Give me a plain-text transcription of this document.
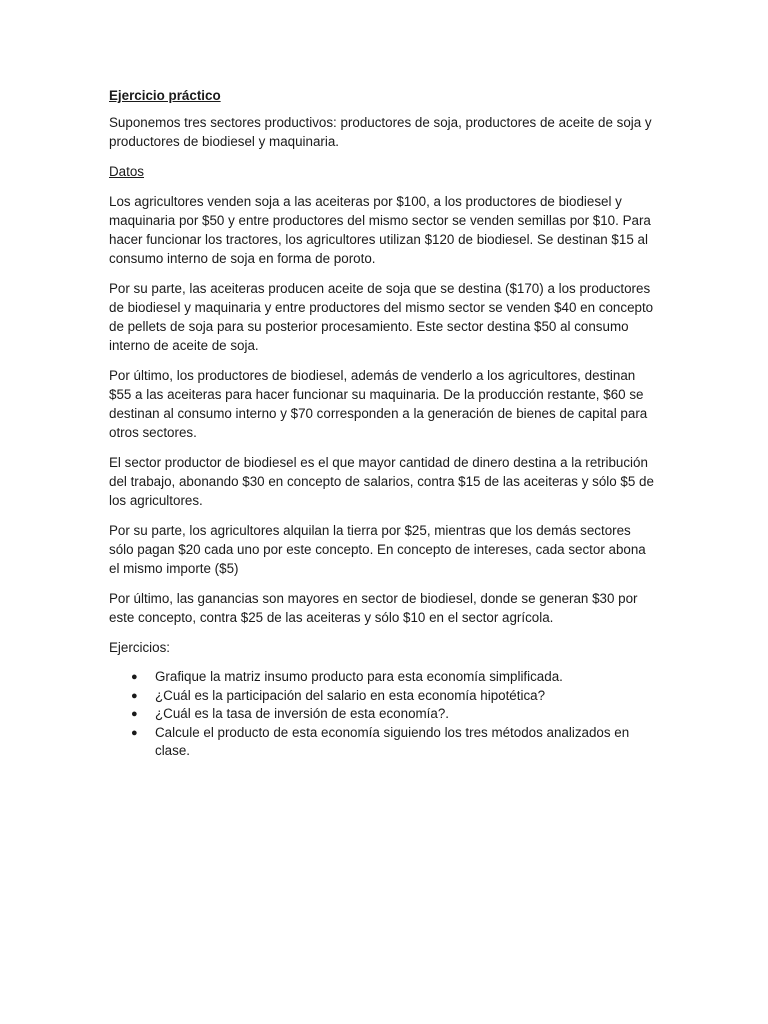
Ejercicio práctico

Suponemos tres sectores productivos: productores de soja, productores de aceite de soja y productores de biodiesel y maquinaria.

Datos

Los agricultores venden soja a las aceiteras por $100, a los productores de biodiesel y maquinaria por $50 y entre productores del mismo sector se venden semillas por $10. Para hacer funcionar los tractores, los agricultores utilizan $120 de biodiesel. Se destinan $15 al consumo interno de soja en forma de poroto.

Por su parte, las aceiteras producen aceite de soja que se destina ($170) a los productores de biodiesel y maquinaria y entre productores del mismo sector se venden $40 en concepto de pellets de soja para su posterior procesamiento. Este sector destina $50 al consumo interno de aceite de soja.

Por último, los productores de biodiesel, además de venderlo a los agricultores, destinan $55 a las aceiteras para hacer funcionar su maquinaria. De la producción restante, $60 se destinan al consumo interno y $70 corresponden a la generación de bienes de capital para otros sectores.

El sector productor de biodiesel es el que mayor cantidad de dinero destina a la retribución del trabajo, abonando $30 en concepto de salarios, contra $15 de las aceiteras y sólo $5 de los agricultores.

Por su parte, los agricultores alquilan la tierra por $25, mientras que los demás sectores sólo pagan $20 cada uno por este concepto. En concepto de intereses, cada sector abona el mismo importe ($5)

Por último, las ganancias son mayores en sector de biodiesel, donde se generan $30 por este concepto, contra $25 de las aceiteras y sólo $10 en el sector agrícola.

Ejercicios:
● Grafique la matriz insumo producto para esta economía simplificada.
● ¿Cuál es la participación del salario en esta economía hipotética?
● ¿Cuál es la tasa de inversión de esta economía?.
● Calcule el producto de esta economía siguiendo los tres métodos analizados en clase.
